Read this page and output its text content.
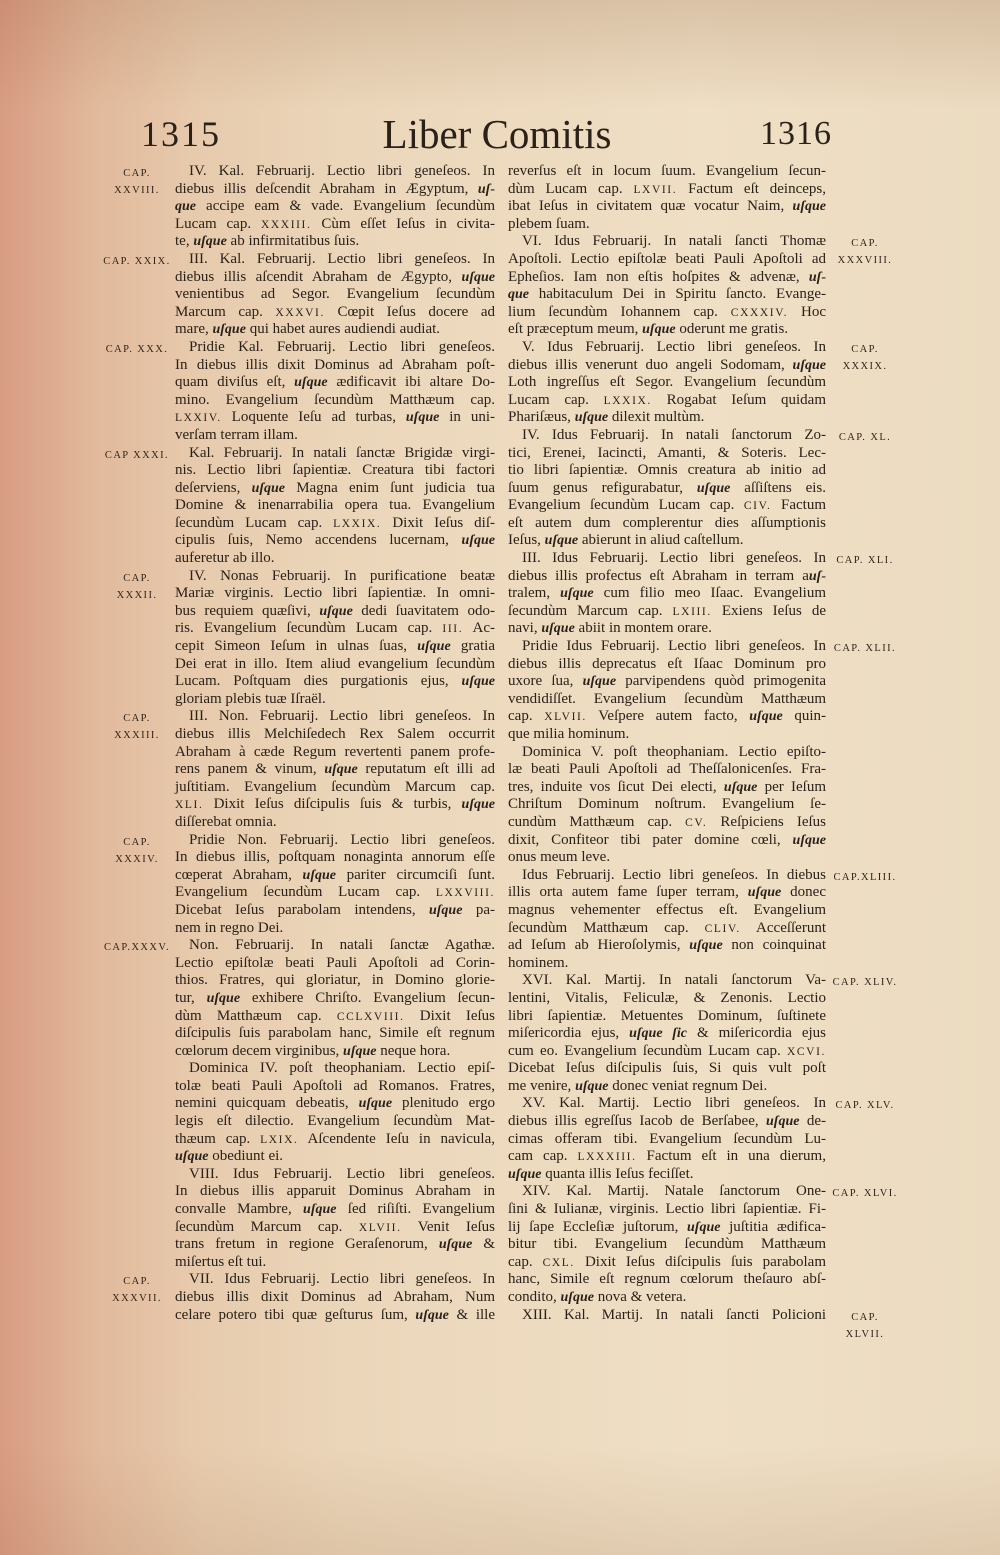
1315	Liber Comitis	1316
CAP.
XXVIII.
IV. Kal. Februarij. Lectio libri geneſeos. In
diebus illis deſcendit Abraham in Ægyptum, uſ-
que accipe eam & vade. Evangelium ſecundùm
Lucam cap. XXXIII. Cùm eſſet Ieſus in civita-
te, uſque ab infirmitatibus ſuis.
CAP. XXIX. III. Kal. Februarij. Lectio libri geneſeos. In
diebus illis aſcendit Abraham de Ægypto, uſque
venientibus ad Segor. Evangelium ſecundùm
Marcum cap. XXXVI. Cœpit Ieſus docere ad
mare, uſque qui habet aures audiendi audiat.
CAP. XXX. Pridie Kal. Februarij. Lectio libri geneſeos.
In diebus illis dixit Dominus ad Abraham poſt-
quam diviſus eſt, uſque ædificavit ibi altare Do-
mino. Evangelium ſecundùm Matthæum cap.
LXXIV. Loquente Ieſu ad turbas, uſque in uni-
verſam terram illam.
CAP XXXI. Kal. Februarij. In natali ſanctæ Brigidæ virgi-
nis. Lectio libri ſapientiæ. Creatura tibi factori
deſerviens, uſque Magna enim ſunt judicia tua
Domine & inenarrabilia opera tua. Evangelium
ſecundùm Lucam cap. LXXIX. Dixit Ieſus diſ-
cipulis ſuis, Nemo accendens lucernam, uſque
auferetur ab illo.
CAP.
XXXII.
IV. Nonas Februarij. In purificatione beatæ
Mariæ virginis. Lectio libri ſapientiæ. In omni-
bus requiem quæſivi, uſque dedi ſuavitatem odo-
ris. Evangelium ſecundùm Lucam cap. III. Ac-
cepit Simeon Ieſum in ulnas ſuas, uſque gratia
Dei erat in illo. Item aliud evangelium ſecundùm
Lucam. Poſtquam dies purgationis ejus, uſque
gloriam plebis tuæ Iſraël.
CAP.
XXXIII.
III. Non. Februarij. Lectio libri geneſeos. In
diebus illis Melchiſedech Rex Salem occurrit
Abraham à cæde Regum revertenti panem profe-
rens panem & vinum, uſque reputatum eſt illi ad
juſtitiam. Evangelium ſecundùm Marcum cap.
XLI. Dixit Ieſus diſcipulis ſuis & turbis, uſque
diſſerebat omnia.
CAP.
XXXIV.
Pridie Non. Februarij. Lectio libri geneſeos.
In diebus illis, poſtquam nonaginta annorum eſſe
cœperat Abraham, uſque pariter circumciſi ſunt.
Evangelium ſecundùm Lucam cap. LXXVIII.
Dicebat Ieſus parabolam intendens, uſque pa-
nem in regno Dei.
CAP.XXXV. Non. Februarij. In natali ſanctæ Agathæ.
Lectio epiſtolæ beati Pauli Apoſtoli ad Corin-
thios. Fratres, qui gloriatur, in Domino glorie-
tur, uſque exhibere Chriſto. Evangelium ſecun-
dùm Matthæum cap. CCLXVIII. Dixit Ieſus
diſcipulis ſuis parabolam hanc, Simile eſt regnum
cœlorum decem virginibus, uſque neque hora.
Dominica IV. poſt theophaniam. Lectio epiſ-
tolæ beati Pauli Apoſtoli ad Romanos. Fratres,
nemini quicquam debeatis, uſque plenitudo ergo
legis eſt dilectio. Evangelium ſecundùm Mat-
thæum cap. LXIX. Aſcendente Ieſu in navicula,
uſque obediunt ei.
VIII. Idus Februarij. Lectio libri geneſeos.
In diebus illis apparuit Dominus Abraham in
convalle Mambre, uſque ſed riſiſti. Evangelium
ſecundùm Marcum cap. XLVII. Venit Ieſus
trans fretum in regione Geraſenorum, uſque &
miſertus eſt tui.
CAP.
XXXVII.
VII. Idus Februarij. Lectio libri geneſeos. In
diebus illis dixit Dominus ad Abraham, Num
celare potero tibi quæ geſturus ſum, uſque & ille
reverſus eſt in locum ſuum. Evangelium ſecun-
dùm Lucam cap. LXVII. Factum eſt deinceps,
ibat Ieſus in civitatem quæ vocatur Naim, uſque
plebem ſuam.
CAP.
XXXVIII.
VI. Idus Februarij. In natali ſancti Thomæ
Apoſtoli. Lectio epiſtolæ beati Pauli Apoſtoli ad
Epheſios. Iam non eſtis hoſpites & advenæ, uſ-
que habitaculum Dei in Spiritu ſancto. Evange-
lium ſecundùm Iohannem cap. CXXXIV. Hoc
eſt præceptum meum, uſque oderunt me gratis.
CAP.
XXXIX.
V. Idus Februarij. Lectio libri geneſeos. In
diebus illis venerunt duo angeli Sodomam, uſque
Loth ingreſſus eſt Segor. Evangelium ſecundùm
Lucam cap. LXXIX. Rogabat Ieſum quidam
Phariſæus, uſque dilexit multùm.
CAP. XL.
IV. Idus Februarij. In natali ſanctorum Zo-
tici, Erenei, Iacincti, Amanti, & Soteris. Lec-
tio libri ſapientiæ. Omnis creatura ab initio ad
ſuum genus refigurabatur, uſque aſſiſtens eis.
Evangelium ſecundùm Lucam cap. CIV. Factum
eſt autem dum complerentur dies aſſumptionis
Ieſus, uſque abierunt in aliud caſtellum.
CAP. XLI.
III. Idus Februarij. Lectio libri geneſeos. In
diebus illis profectus eſt Abraham in terram auſ-
tralem, uſque cum filio meo Iſaac. Evangelium
ſecundùm Marcum cap. LXIII. Exiens Ieſus de
navi, uſque abiit in montem orare.
CAP. XLII.
Pridie Idus Februarij. Lectio libri geneſeos. In
diebus illis deprecatus eſt Iſaac Dominum pro
uxore ſua, uſque parvipendens quòd primogenita
vendidiſſet. Evangelium ſecundùm Matthæum
cap. XLVII. Veſpere autem facto, uſque quin-
que milia hominum.
Dominica V. poſt theophaniam. Lectio epiſto-
læ beati Pauli Apoſtoli ad Theſſalonicenſes. Fra-
tres, induite vos ſicut Dei electi, uſque per Ieſum
Chriſtum Dominum noſtrum. Evangelium ſe-
cundùm Matthæum cap. CV. Reſpiciens Ieſus
dixit, Confiteor tibi pater domine cœli, uſque
onus meum leve.
CAP.XLIII.
Idus Februarij. Lectio libri geneſeos. In diebus
illis orta autem fame ſuper terram, uſque donec
magnus vehementer effectus eſt. Evangelium
ſecundùm Matthæum cap. CLIV. Acceſſerunt
ad Ieſum ab Hieroſolymis, uſque non coinquinat
hominem.
CAP. XLIV.
XVI. Kal. Martij. In natali ſanctorum Va-
lentini, Vitalis, Feliculæ, & Zenonis. Lectio
libri ſapientiæ. Metuentes Dominum, ſuſtinete
miſericordia ejus, uſque ſic & miſericordia ejus
cum eo. Evangelium ſecundùm Lucam cap. XCVI.
Dicebat Ieſus diſcipulis ſuis, Si quis vult poſt
me venire, uſque donec veniat regnum Dei.
CAP. XLV.
XV. Kal. Martij. Lectio libri geneſeos. In
diebus illis egreſſus Iacob de Berſabee, uſque de-
cimas offeram tibi. Evangelium ſecundùm Lu-
cam cap. LXXXIII. Factum eſt in una dierum,
uſque quanta illis Ieſus feciſſet.
CAP. XLVI.
XIV. Kal. Martij. Natale ſanctorum One-
ſini & Iulianæ, virginis. Lectio libri ſapientiæ. Fi-
lij ſape Eccleſiæ juſtorum, uſque juſtitia ædifica-
bitur tibi. Evangelium ſecundùm Matthæum
cap. CXL. Dixit Ieſus diſcipulis ſuis parabolam
hanc, Simile eſt regnum cœlorum theſauro abſ-
condito, uſque nova & vetera.
CAP.
XLVII.
XIII. Kal. Martij. In natali ſancti Policioni
